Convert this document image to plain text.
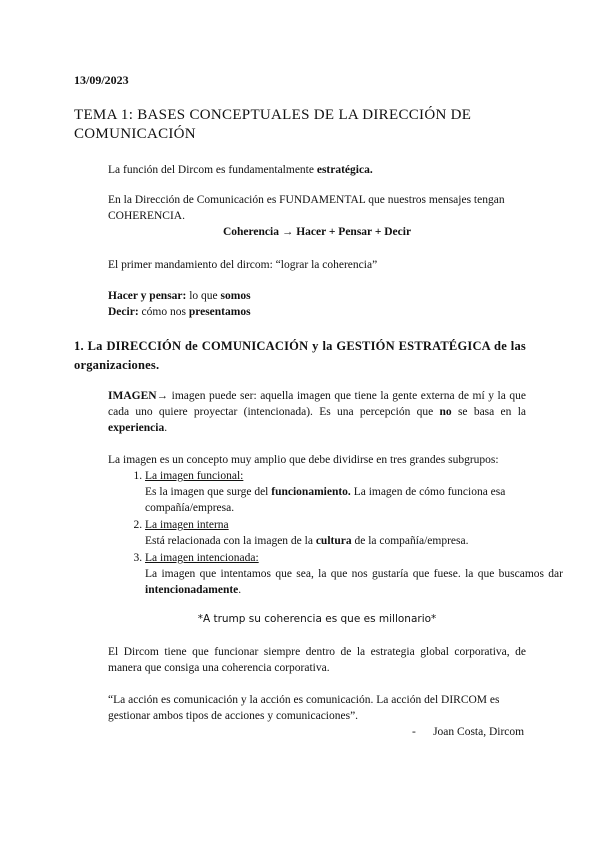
13/09/2023
TEMA 1: BASES CONCEPTUALES DE LA DIRECCIÓN DE COMUNICACIÓN
La función del Dircom es fundamentalmente estratégica.
En la Dirección de Comunicación es FUNDAMENTAL que nuestros mensajes tengan COHERENCIA.
Coherencia → Hacer + Pensar + Decir
El primer mandamiento del dircom: “lograr la coherencia”
Hacer y pensar: lo que somos
Decir: cómo nos presentamos
1. La DIRECCIÓN de COMUNICACIÓN y la GESTIÓN ESTRATÉGICA de las organizaciones.
IMAGEN→ imagen puede ser: aquella imagen que tiene la gente externa de mí y la que cada uno quiere proyectar (intencionada). Es una percepción que no se basa en la experiencia.
La imagen es un concepto muy amplio que debe dividirse en tres grandes subgrupos:
1. La imagen funcional:
Es la imagen que surge del funcionamiento. La imagen de cómo funciona esa compañía/empresa.
2. La imagen interna
Está relacionada con la imagen de la cultura de la compañía/empresa.
3. La imagen intencionada:
La imagen que intentamos que sea, la que nos gustaría que fuese. la que buscamos dar intencionadamente.
*A trump su coherencia es que es millonario*
El Dircom tiene que funcionar siempre dentro de la estrategia global corporativa, de manera que consiga una coherencia corporativa.
“La acción es comunicación y la acción es comunicación. La acción del DIRCOM es gestionar ambos tipos de acciones y comunicaciones”.
-      Joan Costa, Dircom
